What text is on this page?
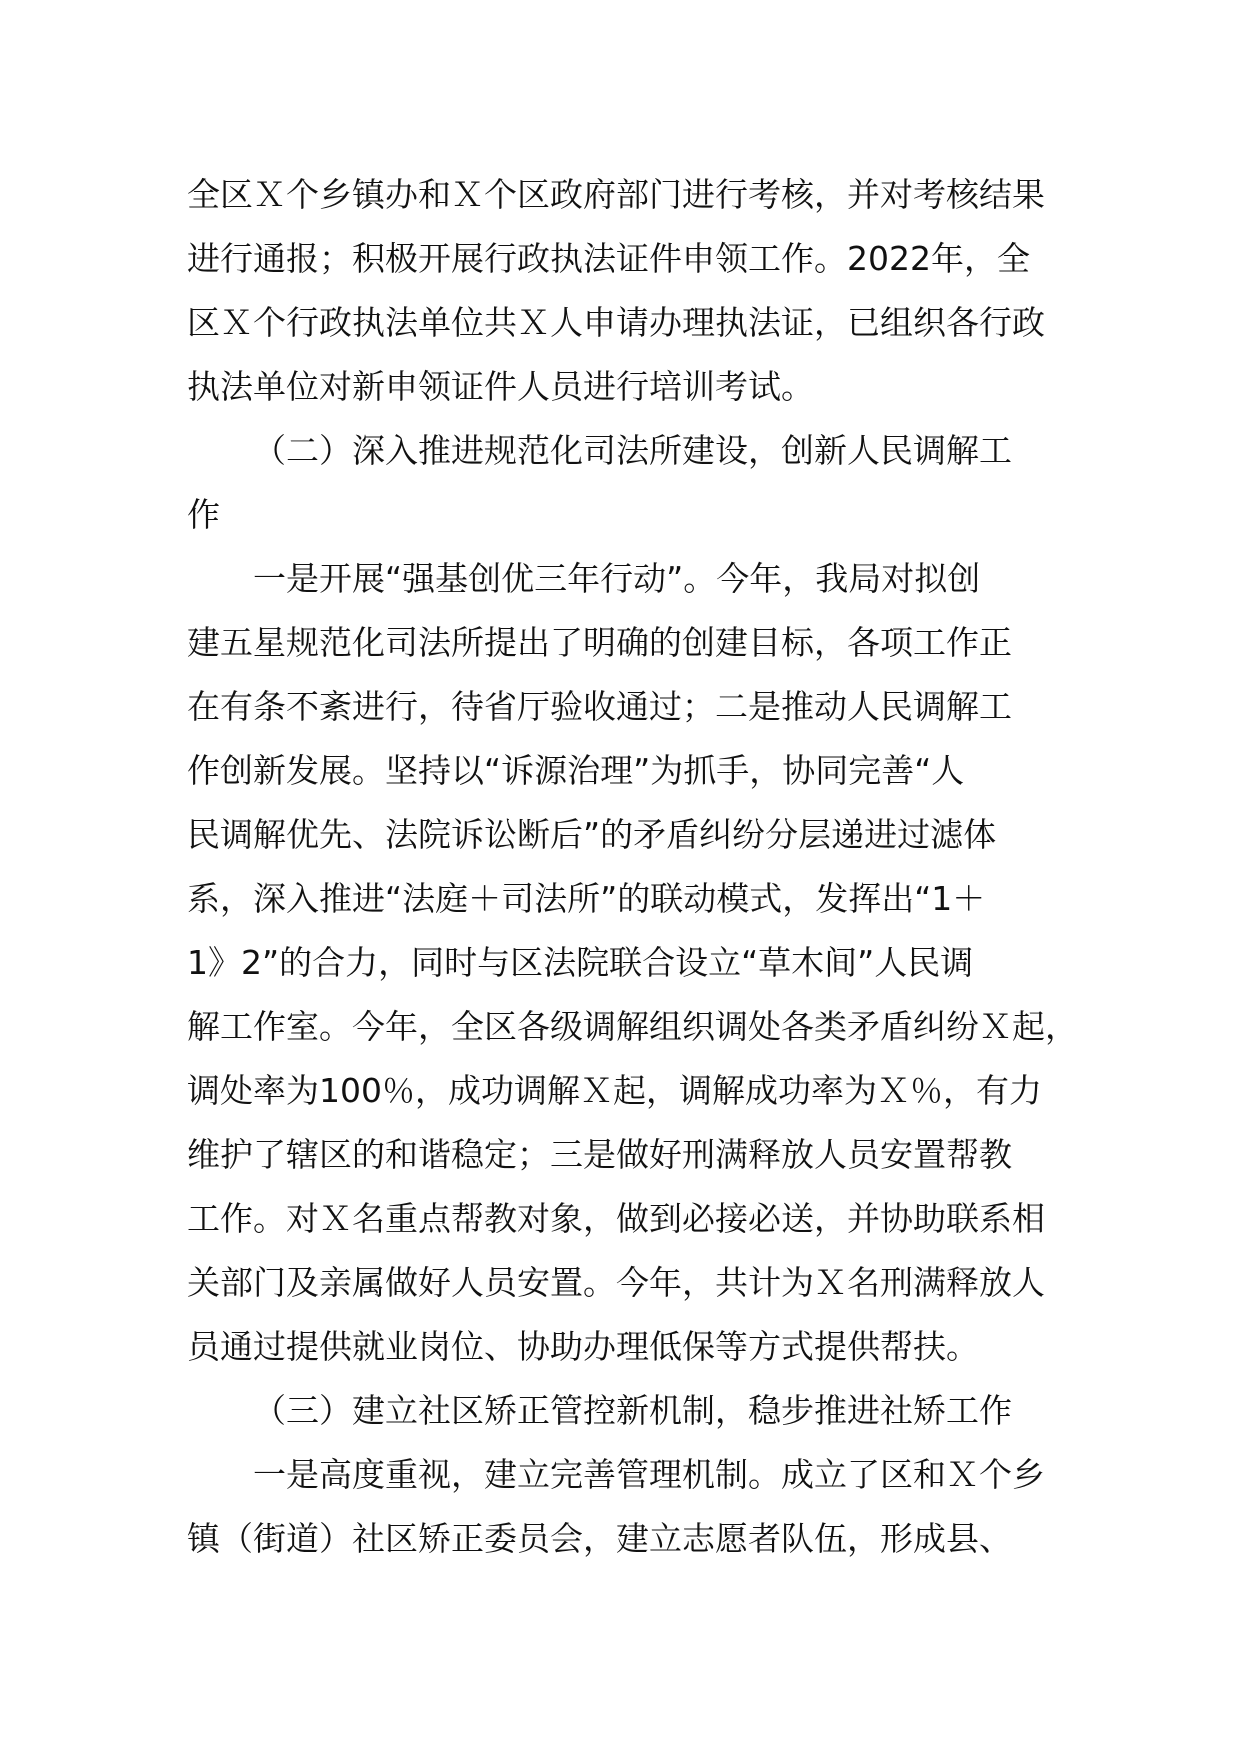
全区Ｘ个乡镇办和Ｘ个区政府部门进行考核，并对考核结果
进行通报；积极开展行政执法证件申领工作。2022年，全
区Ｘ个行政执法单位共Ｘ人申请办理执法证，已组织各行政
执法单位对新申领证件人员进行培训考试。
（二）深入推进规范化司法所建设，创新人民调解工
作
一是开展“强基创优三年行动”。今年，我局对拟创
建五星规范化司法所提出了明确的创建目标，各项工作正
在有条不紊进行，待省厅验收通过；二是推动人民调解工
作创新发展。坚持以“诉源治理”为抓手，协同完善“人
民调解优先、法院诉讼断后”的矛盾纠纷分层递进过滤体
系，深入推进“法庭＋司法所”的联动模式，发挥出“1＋
1》2”的合力，同时与区法院联合设立“草木间”人民调
解工作室。今年，全区各级调解组织调处各类矛盾纠纷Ｘ起，
调处率为100％，成功调解Ｘ起，调解成功率为Ｘ％，有力
维护了辖区的和谐稳定；三是做好刑满释放人员安置帮教
工作。对Ｘ名重点帮教对象，做到必接必送，并协助联系相
关部门及亲属做好人员安置。今年，共计为Ｘ名刑满释放人
员通过提供就业岗位、协助办理低保等方式提供帮扶。
（三）建立社区矫正管控新机制，稳步推进社矫工作
一是高度重视，建立完善管理机制。成立了区和Ｘ个乡
镇（街道）社区矫正委员会，建立志愿者队伍，形成县、
